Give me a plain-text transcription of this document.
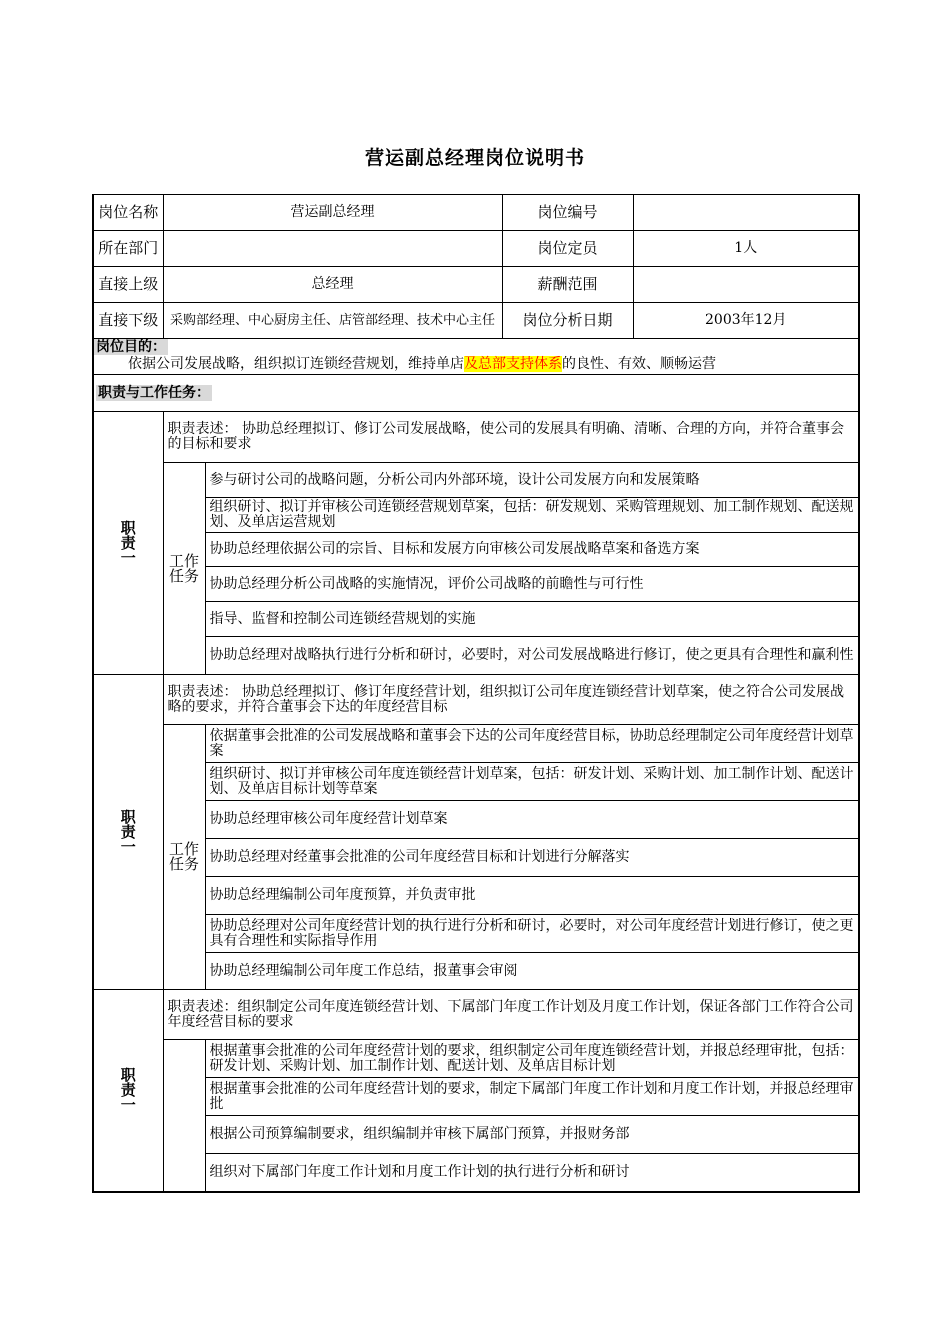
营运副总经理岗位说明书
岗位名称	营运副总经理		岗位编号	
所在部门			岗位定员	1人
直接上级	总经理		薪酬范围	
直接下级	采购部经理、中心厨房主任、店管部经理、技术中心主任		岗位分析日期	2003年12月

岗位目的：
依据公司发展战略，组织拟订连锁经营规划，维持单店及总部支持体系的良性、有效、顺畅运营				

职责与工作任务：				

职
责
一	职责表述： 协助总经理拟订、修订公司发展战略，使公司的发展具有明确、清晰、合理的方向，并符合董事会的目标和要求			

	工作
任务	参与研讨公司的战略问题，分析公司内外部环境，设计公司发展方向和发展策略		
		组织研讨、拟订并审核公司连锁经营规划草案，包括：研发规划、采购管理规划、加工制作规划、配送规划、及单店运营规划		
		协助总经理依据公司的宗旨、目标和发展方向审核公司发展战略草案和备选方案		
		协助总经理分析公司战略的实施情况，评价公司战略的前瞻性与可行性		
		指导、监督和控制公司连锁经营规划的实施		
		协助总经理对战略执行进行分析和研讨，必要时，对公司发展战略进行修订，使之更具有合理性和赢利性		

职
责
一	职责表述： 协助总经理拟订、修订年度经营计划，组织拟订公司年度连锁经营计划草案，使之符合公司发展战略的要求，并符合董事会下达的年度经营目标			

	工作
任务	依据董事会批准的公司发展战略和董事会下达的公司年度经营目标，协助总经理制定公司年度经营计划草案		
		组织研讨、拟订并审核公司年度连锁经营计划草案，包括：研发计划、采购计划、加工制作计划、配送计划、及单店目标计划等草案		
		协助总经理审核公司年度经营计划草案		
		协助总经理对经董事会批准的公司年度经营目标和计划进行分解落实		
		协助总经理编制公司年度预算，并负责审批		
		协助总经理对公司年度经营计划的执行进行分析和研讨，必要时，对公司年度经营计划进行修订，使之更具有合理性和实际指导作用		
		协助总经理编制公司年度工作总结，报董事会审阅		

职
责
一	职责表述：组织制定公司年度连锁经营计划、下属部门年度工作计划及月度工作计划，保证各部门工作符合公司年度经营目标的要求			
		根据董事会批准的公司年度经营计划的要求，组织制定公司年度连锁经营计划，并报总经理审批，包括：研发计划、采购计划、加工制作计划、配送计划、及单店目标计划		
		根据董事会批准的公司年度经营计划的要求，制定下属部门年度工作计划和月度工作计划，并报总经理审批		
		根据公司预算编制要求，组织编制并审核下属部门预算，并报财务部		
		组织对下属部门年度工作计划和月度工作计划的执行进行分析和研讨		
